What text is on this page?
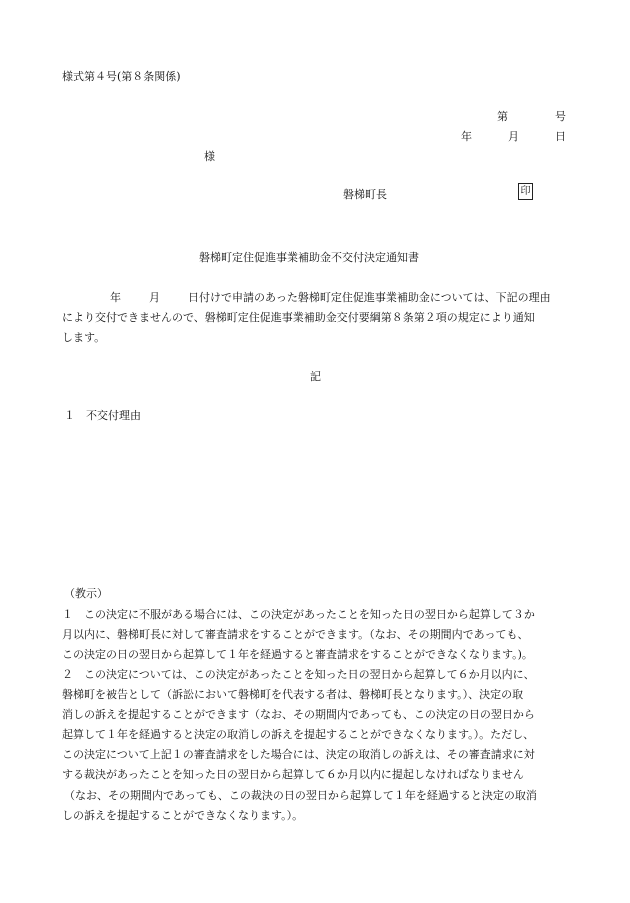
様式第４号(第８条関係)
第	号
年	月	日
様
磐梯町長	印
磐梯町定住促進事業補助金不交付決定通知書
年	月	日付けで申請のあった磐梯町定住促進事業補助金については、下記の理由
により交付できませんので、磐梯町定住促進事業補助金交付要綱第８条第２項の規定により通知
します。
記
１　不交付理由
（教示）
１　この決定に不服がある場合には、この決定があったことを知った日の翌日から起算して３か
月以内に、磐梯町長に対して審査請求をすることができます。（なお、その期間内であっても、
この決定の日の翌日から起算して１年を経過すると審査請求をすることができなくなります。)。
２　この決定については、この決定があったことを知った日の翌日から起算して６か月以内に、
磐梯町を被告として（訴訟において磐梯町を代表する者は、磐梯町長となります。）、決定の取
消しの訴えを提起することができます（なお、その期間内であっても、この決定の日の翌日から
起算して１年を経過すると決定の取消しの訴えを提起することができなくなります。）。ただし、
この決定について上記１の審査請求をした場合には、決定の取消しの訴えは、その審査請求に対
する裁決があったことを知った日の翌日から起算して６か月以内に提起しなければなりません
（なお、その期間内であっても、この裁決の日の翌日から起算して１年を経過すると決定の取消
しの訴えを提起することができなくなります。）。
